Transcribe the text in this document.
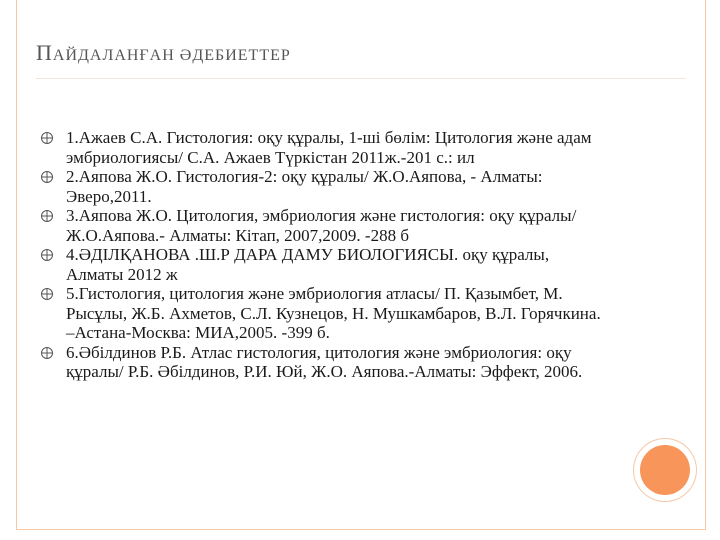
ПАЙДАЛАНҒАН ӘДЕБИЕТТЕР
1.Ажаев С.А. Гистология: оқу құралы, 1-ші бөлім: Цитология және адам эмбриологиясы/ С.А. Ажаев Түркістан 2011ж.-201 с.: ил
2.Аяпова Ж.О. Гистология-2: оқу құралы/ Ж.О.Аяпова, - Алматы: Эверо,2011.
3.Аяпова Ж.О. Цитология, эмбриология және гистология: оқу құралы/Ж.О.Аяпова.- Алматы: Кітап, 2007,2009. -288 б
4.ӘДІЛҚАНОВА .Ш.Р ДАРА ДАМУ БИОЛОГИЯСЫ. оқу құралы, Алматы 2012 ж
5.Гистология, цитология және эмбриология атласы/ П. Қазымбет, М. Рысұлы, Ж.Б. Ахметов, С.Л. Кузнецов, Н. Мушкамбаров, В.Л. Горячкина. –Астана-Москва: МИА,2005. -399 б.
6.Әбілдинов Р.Б. Атлас гистология, цитология және эмбриология: оқу құралы/ Р.Б. Әбілдинов, Р.И. Юй, Ж.О. Аяпова.-Алматы: Эффект, 2006.
